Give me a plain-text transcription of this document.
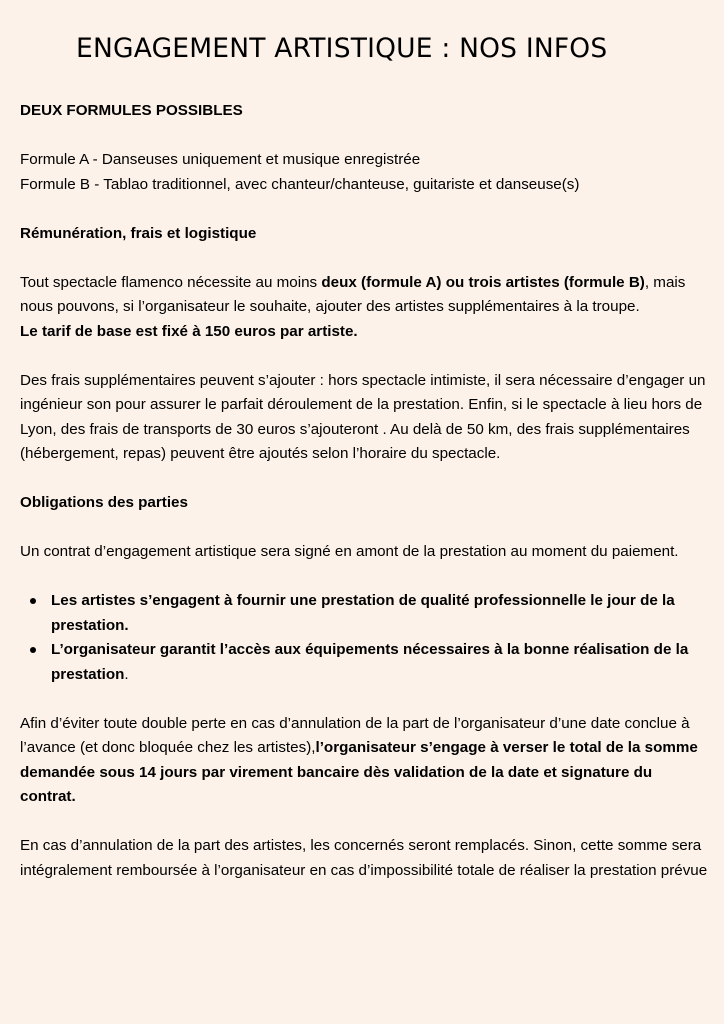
ENGAGEMENT ARTISTIQUE : NOS INFOS

DEUX FORMULES POSSIBLES

Formule A - Danseuses uniquement et musique enregistrée

Formule B - Tablao traditionnel, avec chanteur/chanteuse, guitariste et danseuse(s)

Rémunération, frais et logistique

Tout spectacle flamenco nécessite au moins deux (formule A) ou trois artistes (formule B), mais nous pouvons, si l’organisateur le souhaite, ajouter des artistes supplémentaires à la troupe.

Le tarif de base est fixé à 150 euros par artiste.

Des frais supplémentaires peuvent s’ajouter : hors spectacle intimiste, il sera nécessaire d’engager un ingénieur son pour assurer le parfait déroulement de la prestation. Enfin, si le spectacle à lieu hors de Lyon, des frais de transports de 30 euros s’ajouteront . Au delà de 50 km, des frais supplémentaires (hébergement, repas) peuvent être ajoutés selon l’horaire du spectacle.

Obligations des parties

Un contrat d’engagement artistique sera signé en amont de la prestation au moment du paiement.

Les artistes s’engagent à fournir une prestation de qualité professionnelle le jour de la prestation.
L’organisateur garantit l’accès aux équipements nécessaires à la bonne réalisation de la prestation.

Afin d’éviter toute double perte en cas d’annulation de la part de l’organisateur d’une date conclue à l’avance (et donc bloquée chez les artistes),l’organisateur s’engage à verser le total de la somme demandée sous 14 jours par virement bancaire dès validation de la date et signature du contrat.

En cas d’annulation de la part des artistes, les concernés seront remplacés. Sinon, cette somme sera intégralement remboursée à l’organisateur en cas d’impossibilité totale de réaliser la prestation prévue
